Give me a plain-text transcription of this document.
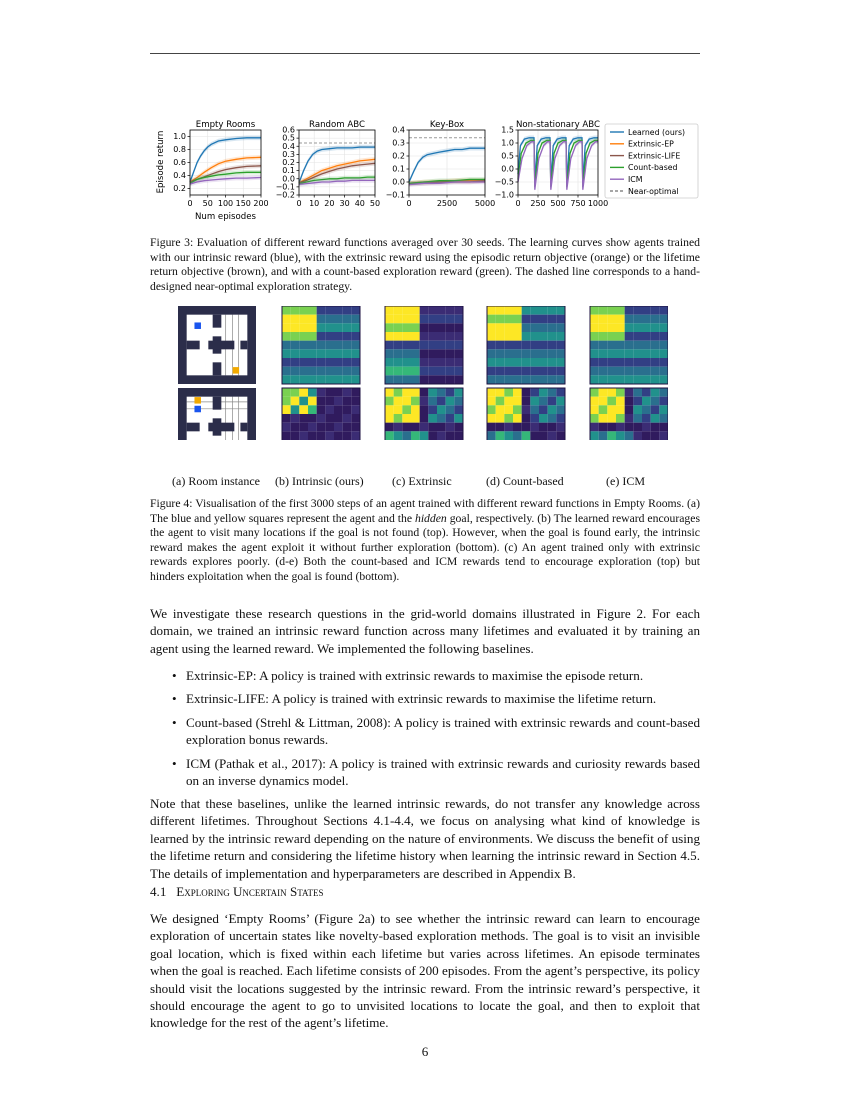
0.2
0.4
0.6
0.8
1.0
0 50 100 150 200
Empty Rooms
−0.2
−0.1
0.0
0.1
0.2
0.3
0.4
0.5
0.6
0 10 20 30 40 50
Random ABC
−0.1
0.0
0.1
0.2
0.3
0.4
0	2500 5000
Key-Box
−1.0
−0.5
0.0
0.5
1.0
1.5
0 250 500 750 1000
Non-stationary ABC
Num episodes
Episode return	Learned (ours)
Extrinsic-EP
Extrinsic-LIFE
Count-based
ICM
Near-optimal

Figure 3: Evaluation of different reward functions averaged over 30 seeds. The learning curves show agents trained with our intrinsic reward (blue), with the extrinsic reward using the episodic return objective (orange) or the lifetime return objective (brown), and with a count-based exploration reward (green). The dashed line corresponds to a hand-designed near-optimal exploration strategy.

(a) Room instance (b) Intrinsic (ours) (c) Extrinsic	(d) Count-based	(e) ICM

Figure 4: Visualisation of the first 3000 steps of an agent trained with different reward functions in Empty Rooms. (a) The blue and yellow squares represent the agent and the hidden goal, respectively. (b) The learned reward encourages the agent to visit many locations if the goal is not found (top). However, when the goal is found early, the intrinsic reward makes the agent exploit it without further exploration (bottom). (c) An agent trained only with extrinsic rewards explores poorly. (d-e) Both the count-based and ICM rewards tend to encourage exploration (top) but hinders exploitation when the goal is found (bottom).

We investigate these research questions in the grid-world domains illustrated in Figure 2. For each domain, we trained an intrinsic reward function across many lifetimes and evaluated it by training an agent using the learned reward. We implemented the following baselines.

• Extrinsic-EP: A policy is trained with extrinsic rewards to maximise the episode return.
• Extrinsic-LIFE: A policy is trained with extrinsic rewards to maximise the lifetime return.
• Count-based (Strehl & Littman, 2008): A policy is trained with extrinsic rewards and count-based exploration bonus rewards.
• ICM (Pathak et al., 2017): A policy is trained with extrinsic rewards and curiosity rewards based on an inverse dynamics model.

Note that these baselines, unlike the learned intrinsic rewards, do not transfer any knowledge across different lifetimes. Throughout Sections 4.1-4.4, we focus on analysing what kind of knowledge is learned by the intrinsic reward depending on the nature of environments. We discuss the benefit of using the lifetime return and considering the lifetime history when learning the intrinsic reward in Section 4.5. The details of implementation and hyperparameters are described in Appendix B.

4.1 Exploring Uncertain States

We designed ‘Empty Rooms’ (Figure 2a) to see whether the intrinsic reward can learn to encourage exploration of uncertain states like novelty-based exploration methods. The goal is to visit an invisible goal location, which is fixed within each lifetime but varies across lifetimes. An episode terminates when the goal is reached. Each lifetime consists of 200 episodes. From the agent’s perspective, its policy should visit the locations suggested by the intrinsic reward. From the intrinsic reward’s perspective, it should encourage the agent to go to unvisited locations to locate the goal, and then to exploit that knowledge for the rest of the agent’s lifetime.

6
